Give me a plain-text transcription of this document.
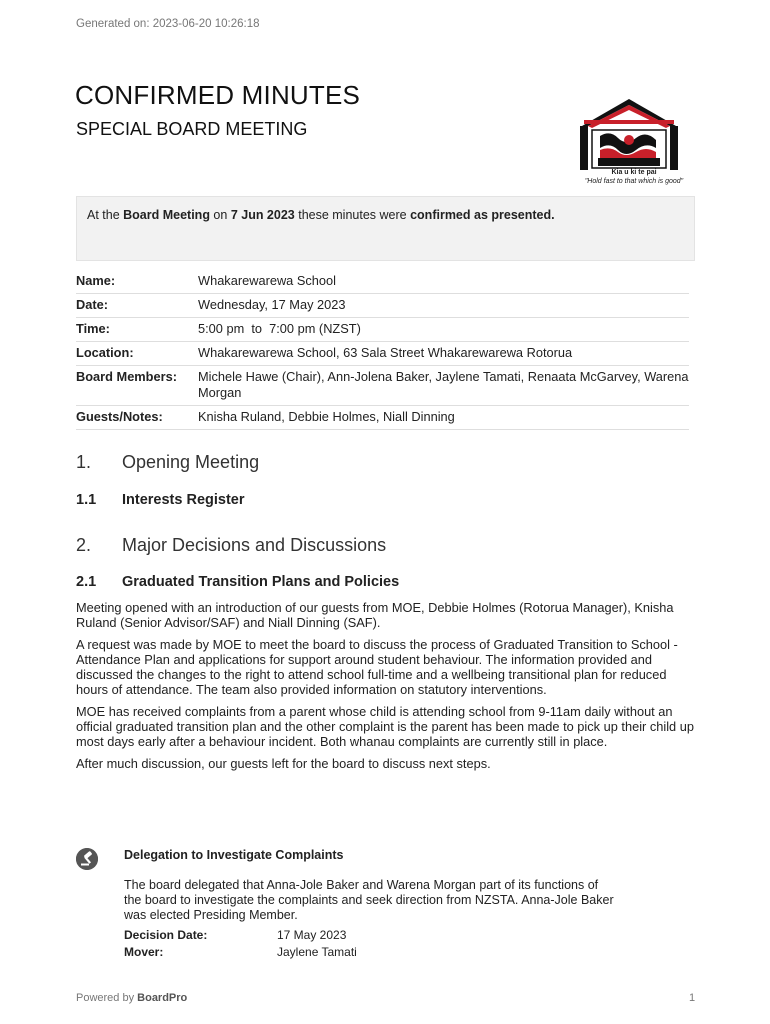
Generated on: 2023-06-20 10:26:18
CONFIRMED MINUTES
SPECIAL BOARD MEETING
Kia u ki te pai
"Hold fast to that which is good"
At the Board Meeting on 7 Jun 2023 these minutes were confirmed as presented.
Name:	Whakarewarewa School
Date:	Wednesday, 17 May 2023
Time:	5:00 pm  to  7:00 pm (NZST)
Location:	Whakarewarewa School, 63 Sala Street Whakarewarewa Rotorua
Board Members:	Michele Hawe (Chair), Ann-Jolena Baker, Jaylene Tamati, Renaata McGarvey, Warena Morgan
Guests/Notes:	Knisha Ruland, Debbie Holmes, Niall Dinning
1.	Opening Meeting
1.1	Interests Register
2.	Major Decisions and Discussions
2.1	Graduated Transition Plans and Policies

Meeting opened with an introduction of our guests from MOE, Debbie Holmes (Rotorua Manager), Knisha Ruland (Senior Advisor/SAF) and Niall Dinning (SAF).

A request was made by MOE to meet the board to discuss the process of Graduated Transition to School - Attendance Plan and applications for support around student behaviour. The information provided and discussed the changes to the right to attend school full-time and a wellbeing transitional plan for reduced hours of attendance. The team also provided information on statutory interventions.

MOE has received complaints from a parent whose child is attending school from 9-11am daily without an official graduated transition plan and the other complaint is the parent has been made to pick up their child up most days early after a behaviour incident. Both whanau complaints are currently still in place.

After much discussion, our guests left for the board to discuss next steps.

Delegation to Investigate Complaints
The board delegated that Anna-Jole Baker and Warena Morgan part of its functions of the board to investigate the complaints and seek direction from NZSTA. Anna-Jole Baker was elected Presiding Member.
Decision Date:	17 May 2023
Mover:	Jaylene Tamati
Powered by BoardPro	1
